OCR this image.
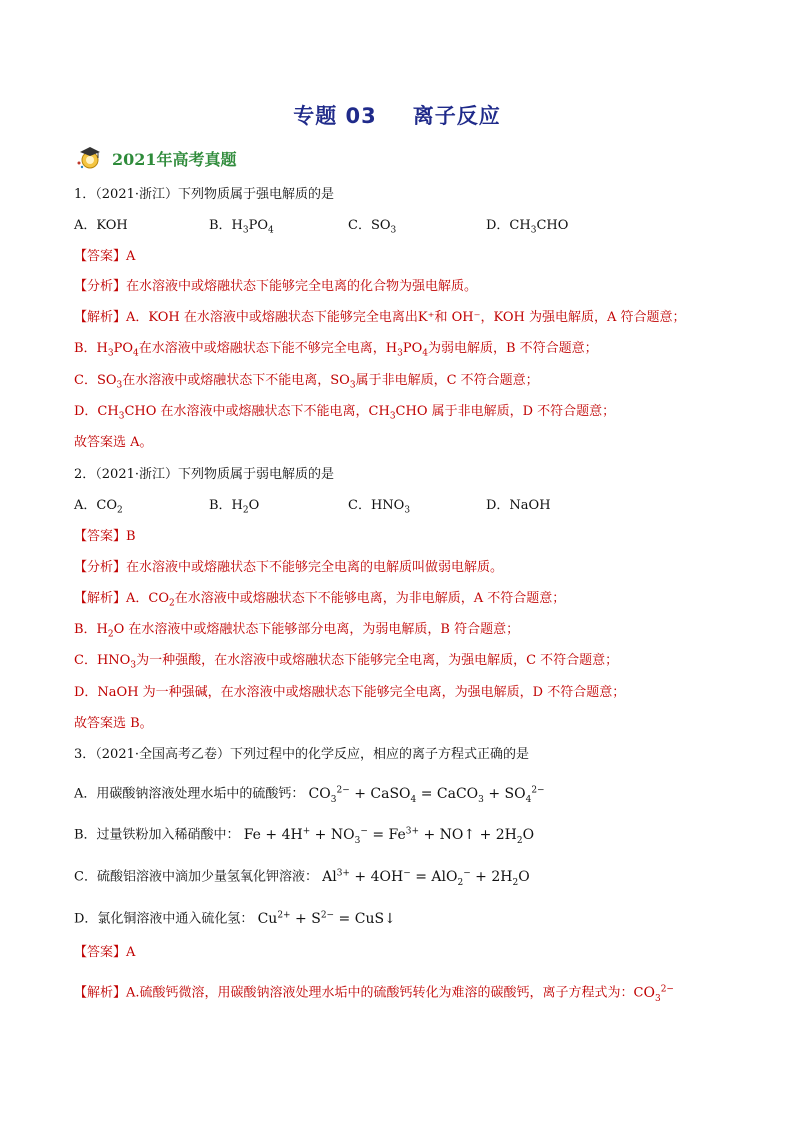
专题 03 离子反应
2021年高考真题
1．（2021·浙江）下列物质属于强电解质的是
A．KOH	B．$H_3PO_4$	C．$SO_3$	D．$CH_3CHO$
【答案】A
【分析】在水溶液中或熔融状态下能够完全电离的化合物为强电解质。
【解析】A．KOH 在水溶液中或熔融状态下能够完全电离出K⁺和 OH⁻，KOH 为强电解质，A 符合题意；
B．$H_3PO_4$在水溶液中或熔融状态下能不够完全电离，$H_3PO_4$为弱电解质，B 不符合题意；
C．$SO_3$在水溶液中或熔融状态下不能电离，$SO_3$属于非电解质，C 不符合题意；
D．$CH_3CHO$ 在水溶液中或熔融状态下不能电离，$CH_3CHO$ 属于非电解质，D 不符合题意；
故答案选 A。
2．（2021·浙江）下列物质属于弱电解质的是
A．$CO_2$	B．$H_2O$	C．$HNO_3$	D．NaOH
【答案】B
【分析】在水溶液中或熔融状态下不能够完全电离的电解质叫做弱电解质。
【解析】A．$CO_2$在水溶液中或熔融状态下不能够电离，为非电解质，A 不符合题意；
B．$H_2O$ 在水溶液中或熔融状态下能够部分电离，为弱电解质，B 符合题意；
C．$HNO_3$为一种强酸，在水溶液中或熔融状态下能够完全电离，为强电解质，C 不符合题意；
D．NaOH 为一种强碱，在水溶液中或熔融状态下能够完全电离，为强电解质，D 不符合题意；
故答案选 B。
3．（2021·全国高考乙卷）下列过程中的化学反应，相应的离子方程式正确的是
A．用碳酸钠溶液处理水垢中的硫酸钙： $CO_3^{2-}$ + CaSO$_4$ = CaCO$_3$ + $SO_4^{2-}$
B．过量铁粉加入稀硝酸中： $Fe + 4H^+ + NO_3^- = Fe^{3+}$ + NO↑ + $2H_2O$
C．硫酸铝溶液中滴加少量氢氧化钾溶液： $Al^{3+} + 4OH^- = AlO_2^- + 2H_2O$
D．氯化铜溶液中通入硫化氢： $Cu^{2+} + S^{2-}$ = CuS↓
【答案】A
【解析】A.硫酸钙微溶，用碳酸钠溶液处理水垢中的硫酸钙转化为难溶的碳酸钙，离子方程式为：$CO_3^{2-}$
